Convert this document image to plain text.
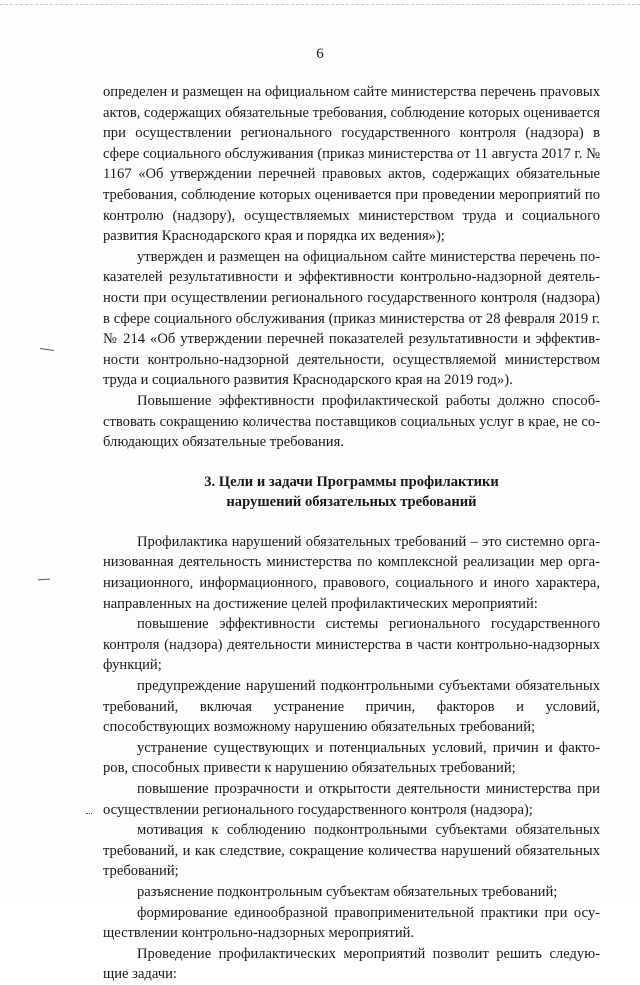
6

определен и размещен на официальном сайте министерства перечень праvовых актов, содержащих обязательные требования, соблюдение которых оценивается при осуществлении регионального государственного контроля (надзора) в сфере социального обслуживания (приказ министерства от 11 августа 2017 г. № 1167 «Об утверждении перечней правовых актов, содержащих обязательные требования, соблюдение которых оценивается при проведении мероприятий по контролю (надзору), осуществляемых министерством труда и социального развития Краснодарского края и порядка их ведения»);

утвержден и размещен на официальном сайте министерства перечень показателей результативности и эффективности контрольно-надзорной деятельности при осуществлении регионального государственного контроля (надзора) в сфере социального обслуживания (приказ министерства от 28 февраля 2019 г. № 214 «Об утверждении перечней показателей результативности и эффективности контрольно-надзорной деятельности, осуществляемой министерством труда и социального развития Краснодарского края на 2019 год»).

Повышение эффективности профилактической работы должно способствовать сокращению количества поставщиков социальных услуг в крае, не соблюдающих обязательные требования.

3. Цели и задачи Программы профилактики
нарушений обязательных требований

Профилактика нарушений обязательных требований – это системно организованная деятельность министерства по комплексной реализации мер организационного, информационного, правового, социального и иного характера, направленных на достижение целей профилактических мероприятий:

повышение эффективности системы регионального государственного контроля (надзора) деятельности министерства в части контрольно-надзорных функций;

предупреждение нарушений подконтрольными субъектами обязательных требований, включая устранение причин, факторов и условий, способствующих возможному нарушению обязательных требований;

устранение существующих и потенциальных условий, причин и факторов, способных привести к нарушению обязательных требований;

повышение прозрачности и открытости деятельности министерства при осуществлении регионального государственного контроля (надзора);

мотивация к соблюдению подконтрольными субъектами обязательных требований, и как следствие, сокращение количества нарушений обязательных требований;

разъяснение подконтрольным субъектам обязательных требований;

формирование единообразной правоприменительной практики при осуществлении контрольно-надзорных мероприятий.

Проведение профилактических мероприятий позволит решить следующие задачи:
